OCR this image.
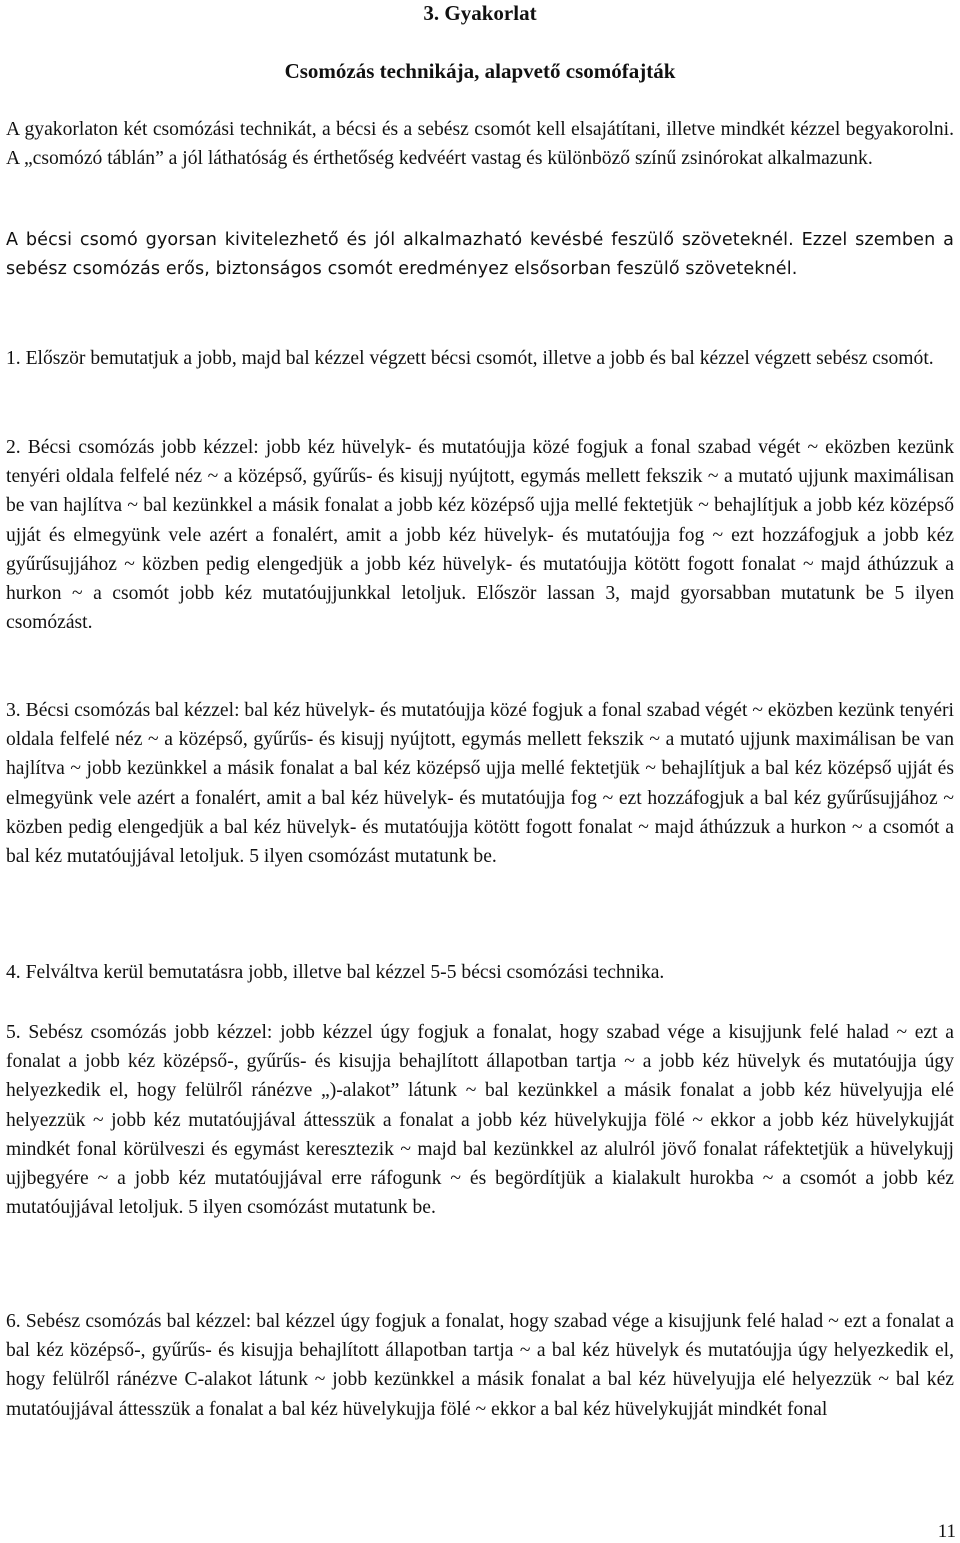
3. Gyakorlat
Csomózás technikája, alapvető csomófajták

A gyakorlaton két csomózási technikát, a bécsi és a sebész csomót kell elsajátítani, illetve mindkét kézzel begyakorolni. A „csomózó táblán” a jól láthatóság és érthetőség kedvéért vastag és különböző színű zsinórokat alkalmazunk.

A bécsi csomó gyorsan kivitelezhető és jól alkalmazható kevésbé feszülő szöveteknél. Ezzel szemben a sebész csomózás erős, biztonságos csomót eredményez elsősorban feszülő szöveteknél.

1. Először bemutatjuk a jobb, majd bal kézzel végzett bécsi csomót, illetve a jobb és bal kézzel végzett sebész csomót.

2. Bécsi csomózás jobb kézzel: jobb kéz hüvelyk- és mutatóujja közé fogjuk a fonal szabad végét ~ eközben kezünk tenyéri oldala felfelé néz ~ a középső, gyűrűs- és kisujj nyújtott, egymás mellett fekszik ~ a mutató ujjunk maximálisan be van hajlítva ~ bal kezünkkel a másik fonalat a jobb kéz középső ujja mellé fektetjük ~ behajlítjuk a jobb kéz középső ujját és elmegyünk vele azért a fonalért, amit a jobb kéz hüvelyk- és mutatóujja fog ~ ezt hozzáfogjuk a jobb kéz gyűrűsujjához ~ közben pedig elengedjük a jobb kéz hüvelyk- és mutatóujja kötött fogott fonalat ~ majd áthúzzuk a hurkon ~ a csomót jobb kéz mutatóujjunkkal letoljuk. Először lassan 3, majd gyorsabban mutatunk be 5 ilyen csomózást.

3. Bécsi csomózás bal kézzel: bal kéz hüvelyk- és mutatóujja közé fogjuk a fonal szabad végét ~ eközben kezünk tenyéri oldala felfelé néz ~ a középső, gyűrűs- és kisujj nyújtott, egymás mellett fekszik ~ a mutató ujjunk maximálisan be van hajlítva ~ jobb kezünkkel a másik fonalat a bal kéz középső ujja mellé fektetjük ~ behajlítjuk a bal kéz középső ujját és elmegyünk vele azért a fonalért, amit a bal kéz hüvelyk- és mutatóujja fog ~ ezt hozzáfogjuk a bal kéz gyűrűsujjához ~ közben pedig elengedjük a bal kéz hüvelyk- és mutatóujja kötött fogott fonalat ~ majd áthúzzuk a hurkon ~ a csomót a bal kéz mutatóujjával letoljuk. 5 ilyen csomózást mutatunk be.

4. Felváltva kerül bemutatásra jobb, illetve bal kézzel 5-5 bécsi csomózási technika.

5. Sebész csomózás jobb kézzel: jobb kézzel úgy fogjuk a fonalat, hogy szabad vége a kisujjunk felé halad ~ ezt a fonalat a jobb kéz középső-, gyűrűs- és kisujja behajlított állapotban tartja ~ a jobb kéz hüvelyk és mutatóujja úgy helyezkedik el, hogy felülről ránézve „)-alakot” látunk ~ bal kezünkkel a másik fonalat a jobb kéz hüvelyujja elé helyezzük ~ jobb kéz mutatóujjával áttesszük a fonalat a jobb kéz hüvelykujja fölé ~ ekkor a jobb kéz hüvelykujját mindkét fonal körülveszi és egymást keresztezik ~ majd bal kezünkkel az alulról jövő fonalat ráfektetjük a hüvelykujj ujjbegyére ~ a jobb kéz mutatóujjával erre ráfogunk ~ és begördítjük a kialakult hurokba ~ a csomót a jobb kéz mutatóujjával letoljuk. 5 ilyen csomózást mutatunk be.

6. Sebész csomózás bal kézzel: bal kézzel úgy fogjuk a fonalat, hogy szabad vége a kisujjunk felé halad ~ ezt a fonalat a bal kéz középső-, gyűrűs- és kisujja behajlított állapotban tartja ~ a bal kéz hüvelyk és mutatóujja úgy helyezkedik el, hogy felülről ránézve C-alakot látunk ~ jobb kezünkkel a másik fonalat a bal kéz hüvelyujja elé helyezzük ~ bal kéz mutatóujjával áttesszük a fonalat a bal kéz hüvelykujja fölé ~ ekkor a bal kéz hüvelykujját mindkét fonal

11
